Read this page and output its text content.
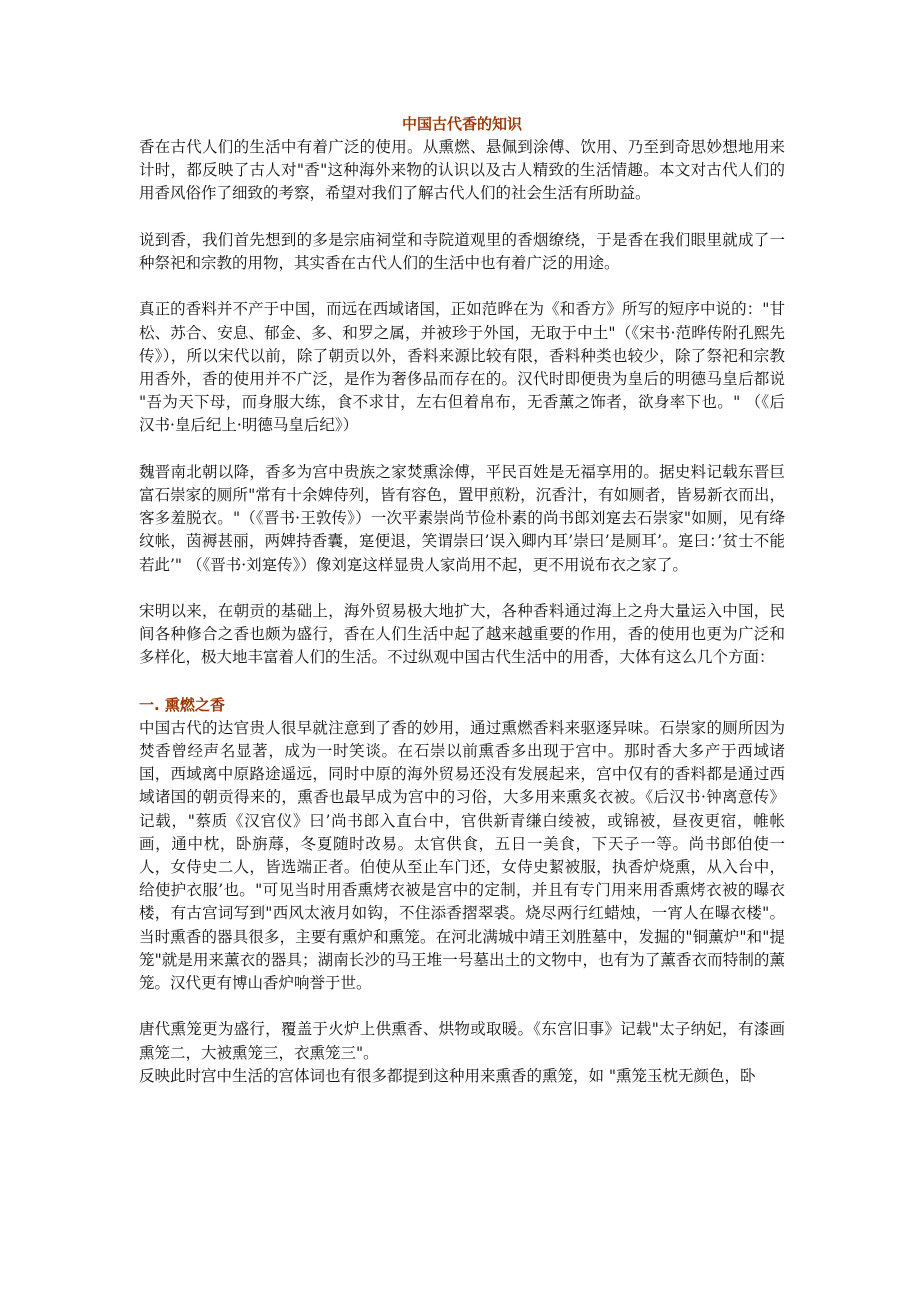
中国古代香的知识

香在古代人们的生活中有着广泛的使用。从熏燃、悬佩到涂傅、饮用、乃至到奇思妙想地用来计时，都反映了古人对"香"这种海外来物的认识以及古人精致的生活情趣。本文对古代人们的用香风俗作了细致的考察，希望对我们了解古代人们的社会生活有所助益。

说到香，我们首先想到的多是宗庙祠堂和寺院道观里的香烟缭绕，于是香在我们眼里就成了一种祭祀和宗教的用物，其实香在古代人们的生活中也有着广泛的用途。

真正的香料并不产于中国，而远在西域诸国，正如范晔在为《和香方》所写的短序中说的："甘松、苏合、安息、郁金、多、和罗之属，并被珍于外国，无取于中土"（《宋书·范晔传附孔熙先传》），所以宋代以前，除了朝贡以外，香料来源比较有限，香料种类也较少，除了祭祀和宗教用香外，香的使用并不广泛，是作为奢侈品而存在的。汉代时即便贵为皇后的明德马皇后都说 "吾为天下母，而身服大练，食不求甘，左右但着帛布，无香薰之饰者，欲身率下也。" （《后汉书·皇后纪上·明德马皇后纪》）

魏晋南北朝以降，香多为宫中贵族之家焚熏涂傅，平民百姓是无福享用的。据史料记载东晋巨富石崇家的厕所"常有十余婢侍列，皆有容色，置甲煎粉，沉香汁，有如厕者，皆易新衣而出，客多羞脱衣。"（《晋书·王敦传》）一次平素崇尚节俭朴素的尚书郎刘寔去石崇家"如厕，见有绛纹帐，茵褥甚丽，两婢持香囊，寔便退，笑谓崇曰’误入卿内耳’崇曰’是厕耳’。寔曰：’贫士不能若此’" （《晋书·刘寔传》）像刘寔这样显贵人家尚用不起，更不用说布衣之家了。

宋明以来，在朝贡的基础上，海外贸易极大地扩大，各种香料通过海上之舟大量运入中国，民间各种修合之香也颇为盛行，香在人们生活中起了越来越重要的作用，香的使用也更为广泛和多样化，极大地丰富着人们的生活。不过纵观中国古代生活中的用香，大体有这么几个方面：

一. 熏燃之香

中国古代的达官贵人很早就注意到了香的妙用，通过熏燃香料来驱逐异味。石崇家的厕所因为焚香曾经声名显著，成为一时笑谈。在石崇以前熏香多出现于宫中。那时香大多产于西域诸国，西域离中原路途遥远，同时中原的海外贸易还没有发展起来，宫中仅有的香料都是通过西域诸国的朝贡得来的，熏香也最早成为宫中的习俗，大多用来熏炙衣被。《后汉书·钟离意传》记载，"蔡质《汉官仪》曰’尚书郎入直台中，官供新青缣白绫被，或锦被，昼夜更宿，帷帐画，通中枕，卧旃蓐，冬夏随时改易。太官供食，五日一美食，下天子一等。尚书郎伯使一人，女侍史二人，皆选端正者。伯使从至止车门还，女侍史絜被服，执香炉烧熏，从入台中，给使护衣服’也。"可见当时用香熏烤衣被是宫中的定制，并且有专门用来用香熏烤衣被的曝衣楼，有古宫词写到"西风太液月如钩，不住添香摺翠裘。烧尽两行红蜡烛，一宵人在曝衣楼"。当时熏香的器具很多，主要有熏炉和熏笼。在河北满城中靖王刘胜墓中，发掘的"铜薰炉"和"提笼"就是用来薰衣的器具；湖南长沙的马王堆一号墓出土的文物中，也有为了薰香衣而特制的薰笼。汉代更有博山香炉响誉于世。

唐代熏笼更为盛行，覆盖于火炉上供熏香、烘物或取暖。《东宫旧事》记载"太子纳妃，有漆画熏笼二，大被熏笼三，衣熏笼三"。

反映此时宫中生活的宫体词也有很多都提到这种用来熏香的熏笼，如 "熏笼玉枕无颜色，卧
